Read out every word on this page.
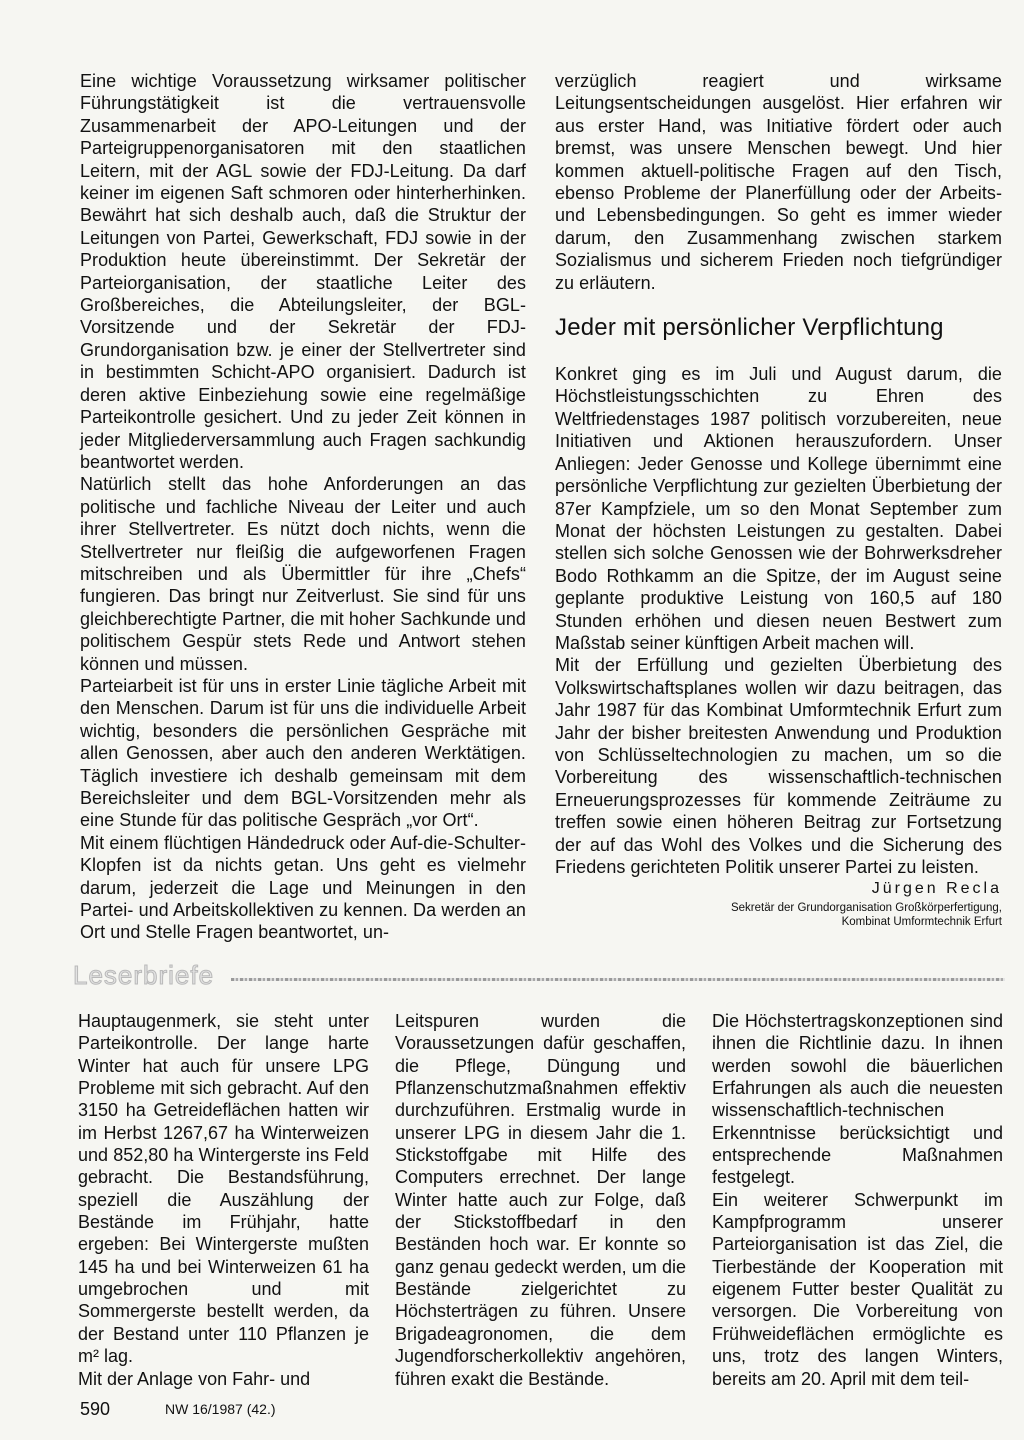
Eine wichtige Voraussetzung wirksamer politischer Führungstätigkeit ist die vertrauensvolle Zusammenarbeit der APO-Leitungen und der Parteigruppenorganisatoren mit den staatlichen Leitern, mit der AGL sowie der FDJ-Leitung. Da darf keiner im eigenen Saft schmoren oder hinterherhinken. Bewährt hat sich deshalb auch, daß die Struktur der Leitungen von Partei, Gewerkschaft, FDJ sowie in der Produktion heute übereinstimmt. Der Sekretär der Parteiorganisation, der staatliche Leiter des Großbereiches, die Abteilungsleiter, der BGL-Vorsitzende und der Sekretär der FDJ-Grundorganisation bzw. je einer der Stellvertreter sind in bestimmten Schicht-APO organisiert. Dadurch ist deren aktive Einbeziehung sowie eine regelmäßige Parteikontrolle gesichert. Und zu jeder Zeit können in jeder Mitgliederversammlung auch Fragen sachkundig beantwortet werden.

Natürlich stellt das hohe Anforderungen an das politische und fachliche Niveau der Leiter und auch ihrer Stellvertreter. Es nützt doch nichts, wenn die Stellvertreter nur fleißig die aufgeworfenen Fragen mitschreiben und als Übermittler für ihre „Chefs“ fungieren. Das bringt nur Zeitverlust. Sie sind für uns gleichberechtigte Partner, die mit hoher Sachkunde und politischem Gespür stets Rede und Antwort stehen können und müssen.

Parteiarbeit ist für uns in erster Linie tägliche Arbeit mit den Menschen. Darum ist für uns die individuelle Arbeit wichtig, besonders die persönlichen Gespräche mit allen Genossen, aber auch den anderen Werktätigen. Täglich investiere ich deshalb gemeinsam mit dem Bereichsleiter und dem BGL-Vorsitzenden mehr als eine Stunde für das politische Gespräch „vor Ort“.

Mit einem flüchtigen Händedruck oder Auf-die-Schulter-Klopfen ist da nichts getan. Uns geht es vielmehr darum, jederzeit die Lage und Meinungen in den Partei- und Arbeitskollektiven zu kennen. Da werden an Ort und Stelle Fragen beantwortet, un-

verzüglich reagiert und wirksame Leitungsentscheidungen ausgelöst. Hier erfahren wir aus erster Hand, was Initiative fördert oder auch bremst, was unsere Menschen bewegt. Und hier kommen aktuell-politische Fragen auf den Tisch, ebenso Probleme der Planerfüllung oder der Arbeits- und Lebensbedingungen. So geht es immer wieder darum, den Zusammenhang zwischen starkem Sozialismus und sicherem Frieden noch tiefgründiger zu erläutern.

Jeder mit persönlicher Verpflichtung

Konkret ging es im Juli und August darum, die Höchstleistungsschichten zu Ehren des Weltfriedenstages 1987 politisch vorzubereiten, neue Initiativen und Aktionen herauszufordern. Unser Anliegen: Jeder Genosse und Kollege übernimmt eine persönliche Verpflichtung zur gezielten Überbietung der 87er Kampfziele, um so den Monat September zum Monat der höchsten Leistungen zu gestalten. Dabei stellen sich solche Genossen wie der Bohrwerksdreher Bodo Rothkamm an die Spitze, der im August seine geplante produktive Leistung von 160,5 auf 180 Stunden erhöhen und diesen neuen Bestwert zum Maßstab seiner künftigen Arbeit machen will.

Mit der Erfüllung und gezielten Überbietung des Volkswirtschaftsplanes wollen wir dazu beitragen, das Jahr 1987 für das Kombinat Umformtechnik Erfurt zum Jahr der bisher breitesten Anwendung und Produktion von Schlüsseltechnologien zu machen, um so die Vorbereitung des wissenschaftlich-technischen Erneuerungsprozesses für kommende Zeiträume zu treffen sowie einen höheren Beitrag zur Fortsetzung der auf das Wohl des Volkes und die Sicherung des Friedens gerichteten Politik unserer Partei zu leisten.

Jürgen Recla
Sekretär der Grundorganisation Großkörperfertigung,
Kombinat Umformtechnik Erfurt
Leserbriefe

Hauptaugenmerk, sie steht unter Parteikontrolle. Der lange harte Winter hat auch für unsere LPG Probleme mit sich gebracht. Auf den 3150 ha Getreideflächen hatten wir im Herbst 1267,67 ha Winterweizen und 852,80 ha Wintergerste ins Feld gebracht. Die Bestandsführung, speziell die Auszählung der Bestände im Frühjahr, hatte ergeben: Bei Wintergerste mußten 145 ha und bei Winterweizen 61 ha umgebrochen und mit Sommergerste bestellt werden, da der Bestand unter 110 Pflanzen je m² lag.

Mit der Anlage von Fahr- und

Leitspuren wurden die Voraussetzungen dafür geschaffen, die Pflege, Düngung und Pflanzenschutzmaßnahmen effektiv durchzuführen. Erstmalig wurde in unserer LPG in diesem Jahr die 1. Stickstoffgabe mit Hilfe des Computers errechnet. Der lange Winter hatte auch zur Folge, daß der Stickstoffbedarf in den Beständen hoch war. Er konnte so ganz genau gedeckt werden, um die Bestände zielgerichtet zu Höchsterträgen zu führen. Unsere Brigadeagronomen, die dem Jugendforscherkollektiv angehören, führen exakt die Bestände.

Die Höchstertragskonzeptionen sind ihnen die Richtlinie dazu. In ihnen werden sowohl die bäuerlichen Erfahrungen als auch die neuesten wissenschaftlich-technischen Erkenntnisse berücksichtigt und entsprechende Maßnahmen festgelegt.

Ein weiterer Schwerpunkt im Kampfprogramm unserer Parteiorganisation ist das Ziel, die Tierbestände der Kooperation mit eigenem Futter bester Qualität zu versorgen. Die Vorbereitung von Frühweideflächen ermöglichte es uns, trotz des langen Winters, bereits am 20. April mit dem teil-

590	NW 16/1987 (42.)
